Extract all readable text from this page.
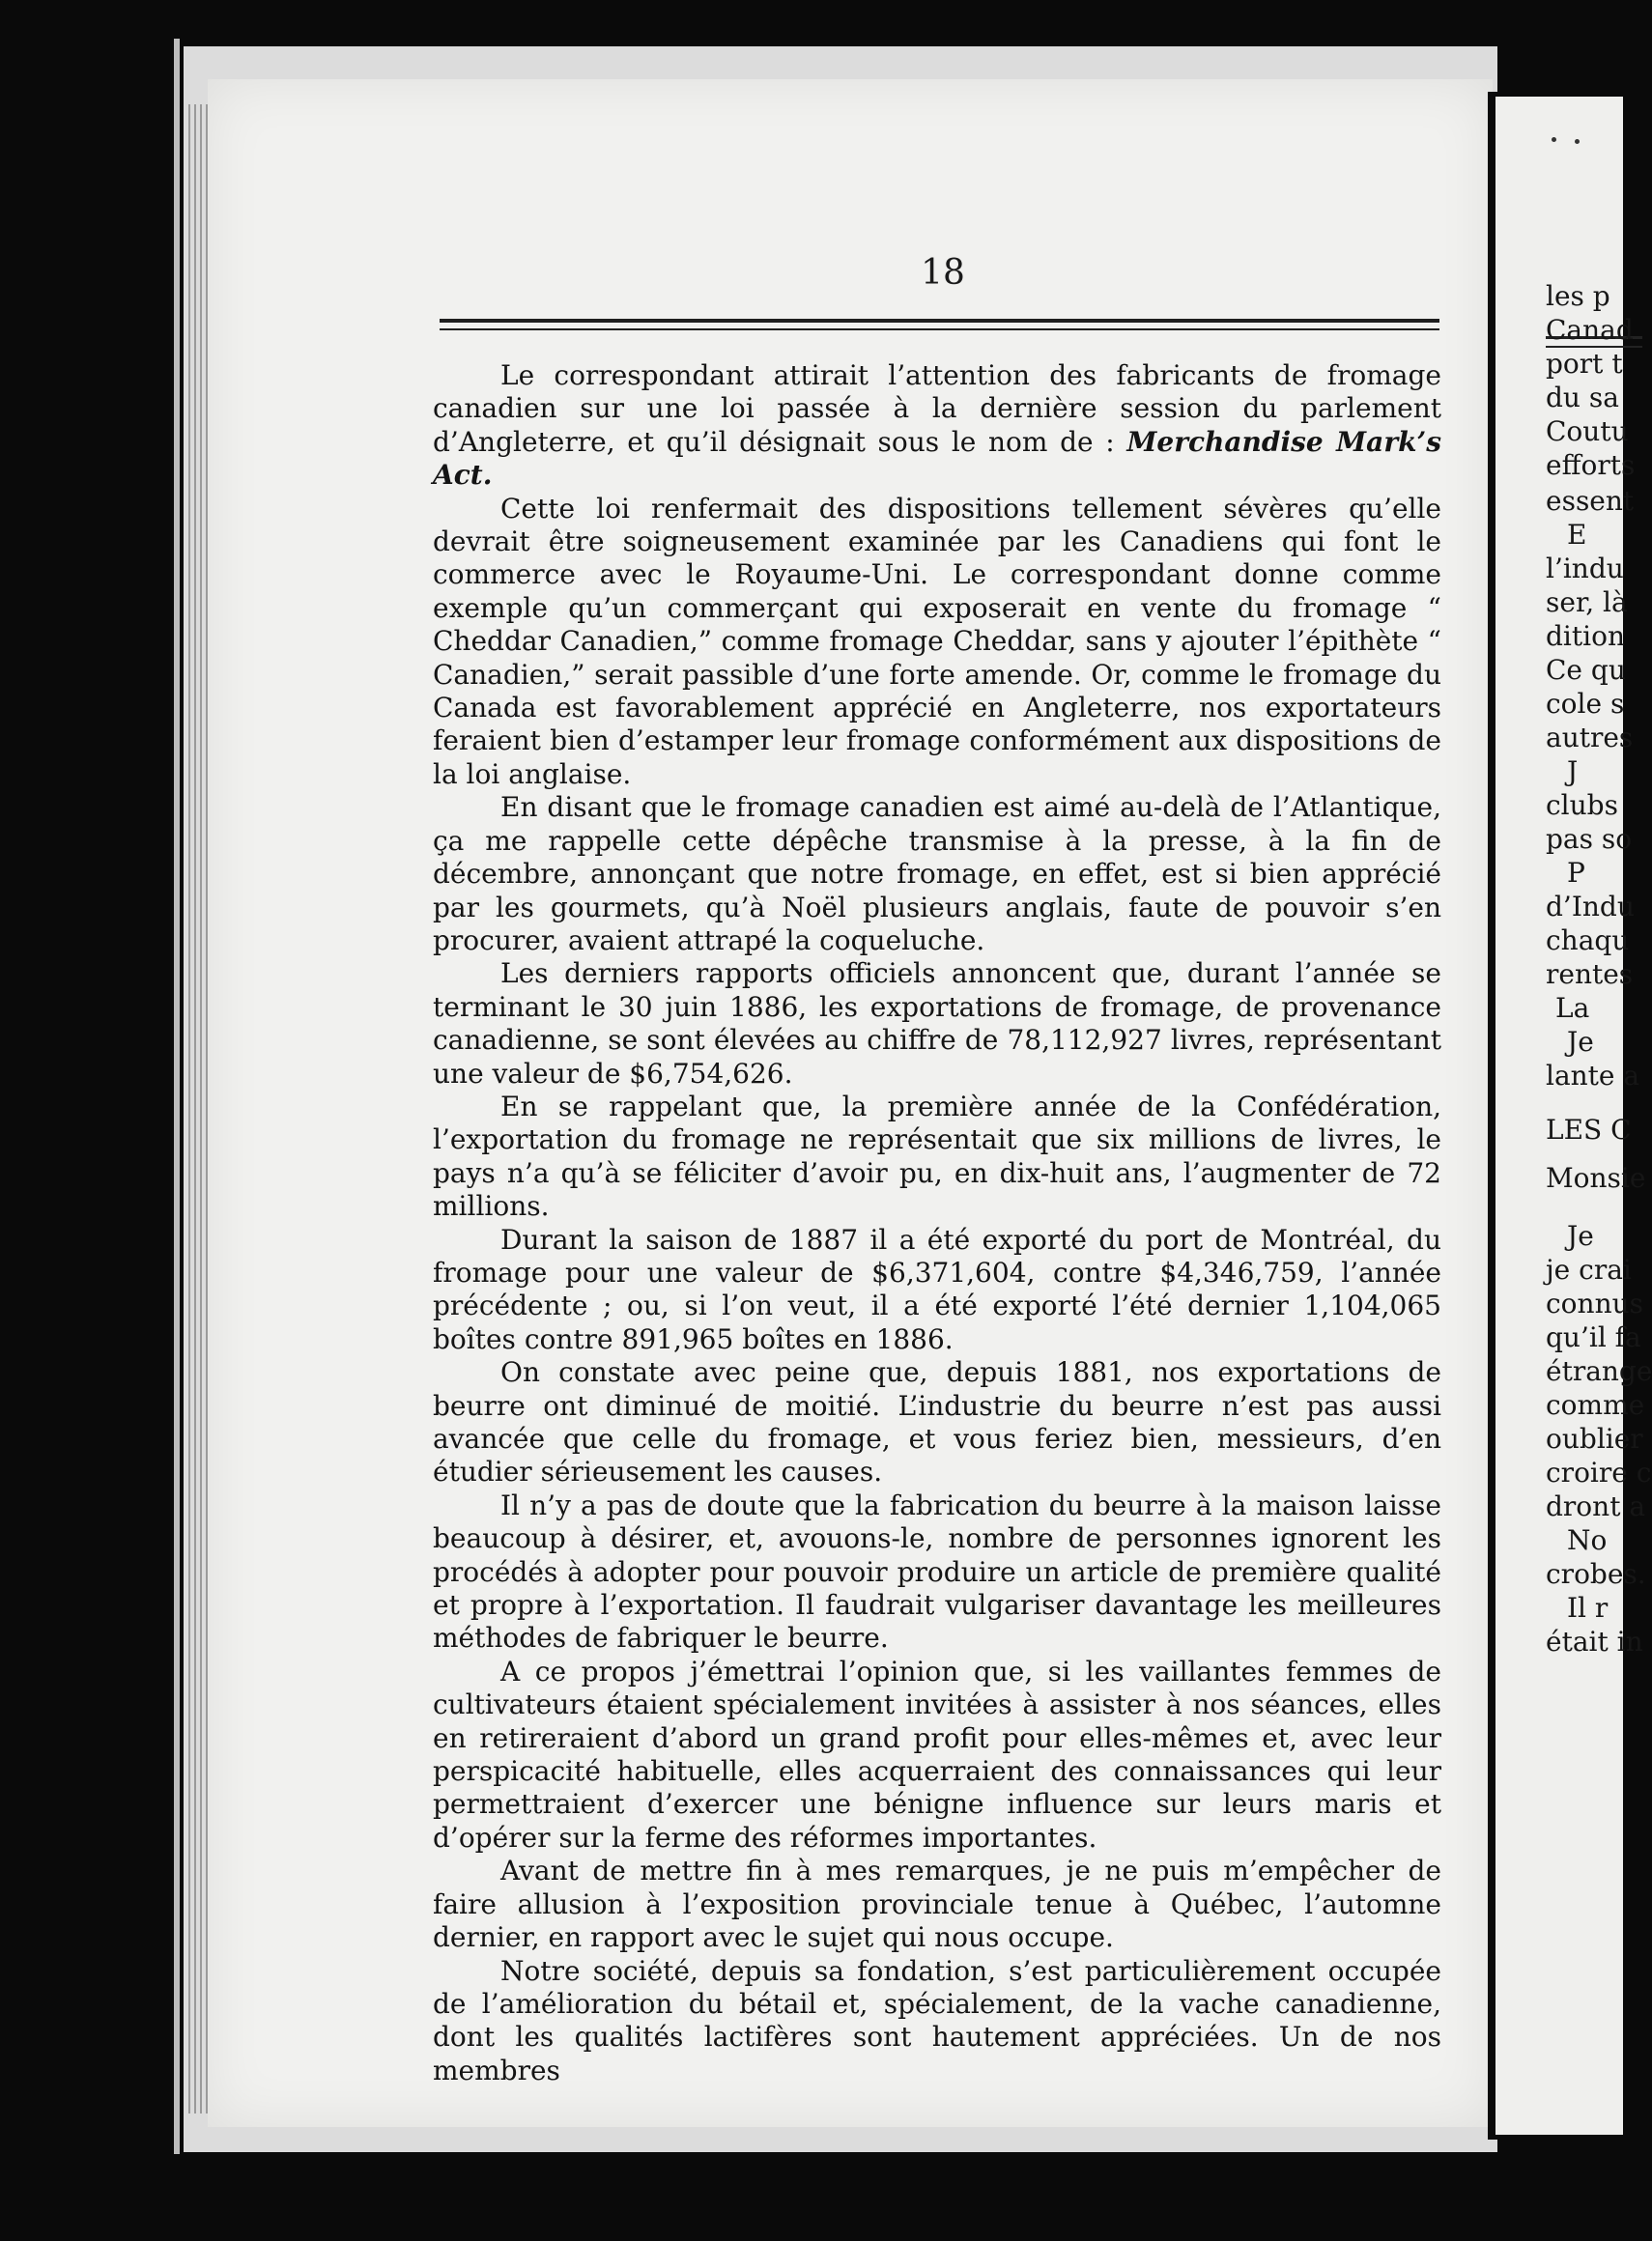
18

Le correspondant attirait l’attention des fabricants de fromage canadien sur une loi passée à la dernière session du parlement d’Angleterre, et qu’il désignait sous le nom de : Merchandise Mark’s Act.

Cette loi renfermait des dispositions tellement sévères qu’elle devrait être soigneusement examinée par les Canadiens qui font le commerce avec le Royaume-Uni. Le correspondant donne comme exemple qu’un commerçant qui exposerait en vente du fromage “ Cheddar Canadien,” comme fromage Cheddar, sans y ajouter l’épithète “ Canadien,” serait passible d’une forte amende. Or, comme le fromage du Canada est favorablement apprécié en Angleterre, nos exportateurs feraient bien d’estamper leur fromage conformément aux dispositions de la loi anglaise.

En disant que le fromage canadien est aimé au-delà de l’Atlantique, ça me rappelle cette dépêche transmise à la presse, à la fin de décembre, annonçant que notre fromage, en effet, est si bien apprécié par les gourmets, qu’à Noël plusieurs anglais, faute de pouvoir s’en procurer, avaient attrapé la coqueluche.

Les derniers rapports officiels annoncent que, durant l’année se terminant le 30 juin 1886, les exportations de fromage, de provenance canadienne, se sont élevées au chiffre de 78,112,927 livres, représentant une valeur de $6,754,626.

En se rappelant que, la première année de la Confédération, l’exportation du fromage ne représentait que six millions de livres, le pays n’a qu’à se féliciter d’avoir pu, en dix-huit ans, l’augmenter de 72 millions.

Durant la saison de 1887 il a été exporté du port de Montréal, du fromage pour une valeur de $6,371,604, contre $4,346,759, l’année précédente ; ou, si l’on veut, il a été exporté l’été dernier 1,104,065 boîtes contre 891,965 boîtes en 1886.

On constate avec peine que, depuis 1881, nos exportations de beurre ont diminué de moitié. L’industrie du beurre n’est pas aussi avancée que celle du fromage, et vous feriez bien, messieurs, d’en étudier sérieusement les causes.

Il n’y a pas de doute que la fabrication du beurre à la maison laisse beaucoup à désirer, et, avouons-le, nombre de personnes ignorent les procédés à adopter pour pouvoir produire un article de première qualité et propre à l’exportation. Il faudrait vulgariser davantage les meilleures méthodes de fabriquer le beurre.

A ce propos j’émettrai l’opinion que, si les vaillantes femmes de cultivateurs étaient spécialement invitées à assister à nos séances, elles en retireraient d’abord un grand profit pour elles-mêmes et, avec leur perspicacité habituelle, elles acquerraient des connaissances qui leur permettraient d’exercer une bénigne influence sur leurs maris et d’opérer sur la ferme des réformes importantes.

Avant de mettre fin à mes remarques, je ne puis m’empêcher de faire allusion à l’exposition provinciale tenue à Québec, l’automne dernier, en rapport avec le sujet qui nous occupe.

Notre société, depuis sa fondation, s’est particulièrement occupée de l’amélioration du bétail et, spécialement, de la vache canadienne, dont les qualités lactifères sont hautement appréciées. Un de nos membres

les p
Canad
port t
du sa
Coutu
efforts
essent
E
l’indu
ser, là
dition
Ce qu
cole s
autres
J
clubs
pas so
P
d’Indu
chaqu
rentes
La
Je
lante a
LES C
Monsie
Je
je crai
connus
qu’il fa
étrange
comme
oublier
croire c
dront a
No
crobes.
Il r
était in
